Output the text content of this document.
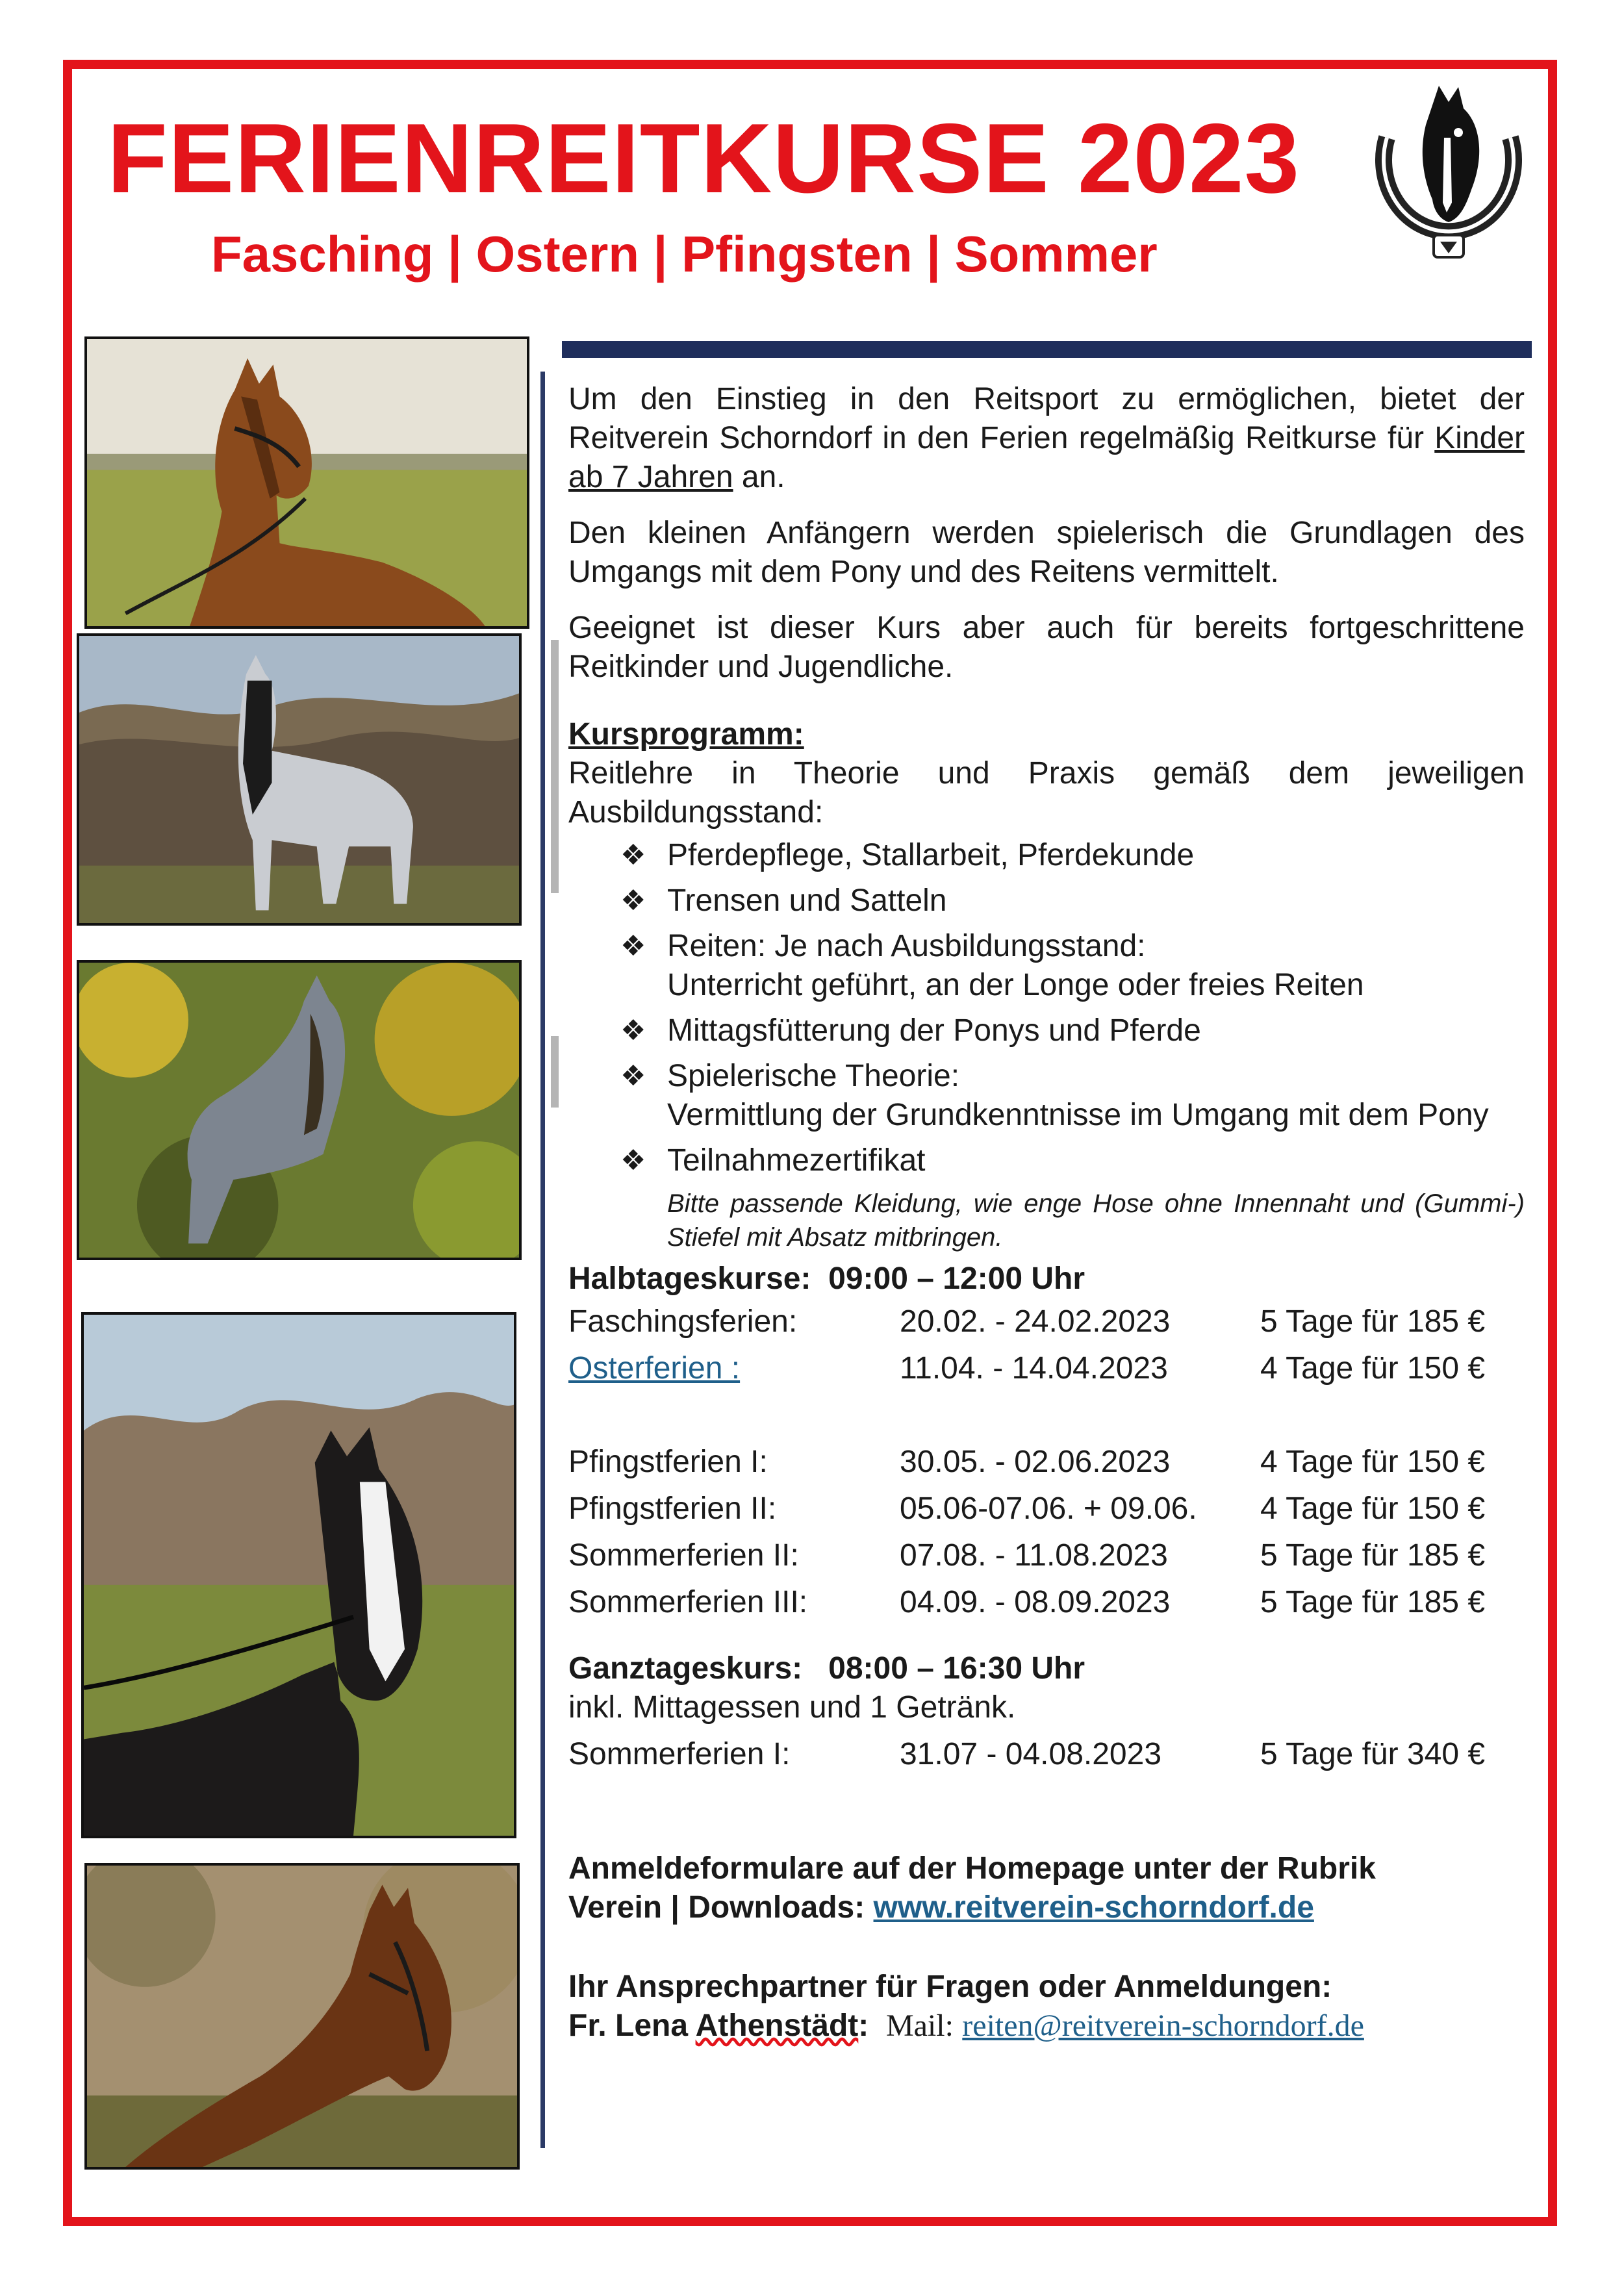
FERIENREITKURSE 2023
Fasching | Ostern | Pfingsten | Sommer

Um den Einstieg in den Reitsport zu ermöglichen, bietet der Reitverein Schorndorf in den Ferien regelmäßig Reitkurse für Kinder ab 7 Jahren an.

Den kleinen Anfängern werden spielerisch die Grundlagen des Umgangs mit dem Pony und des Reitens vermittelt.

Geeignet ist dieser Kurs aber auch für bereits fortgeschrittene Reitkinder und Jugendliche.

Kursprogramm:

Reitlehre in Theorie und Praxis gemäß dem jeweiligen Ausbildungsstand:

❖ Pferdepflege, Stallarbeit, Pferdekunde
❖ Trensen und Satteln
❖ Reiten: Je nach Ausbildungsstand:
Unterricht geführt, an der Longe oder freies Reiten
❖ Mittagsfütterung der Ponys und Pferde
❖ Spielerische Theorie:
Vermittlung der Grundkenntnisse im Umgang mit dem Pony
❖ Teilnahmezertifikat
Bitte passende Kleidung, wie enge Hose ohne Innennaht und (Gummi-) Stiefel mit Absatz mitbringen.
Halbtageskurse: 09:00 – 12:00 Uhr
Faschingsferien:	20.02. - 24.02.2023	5 Tage für 185 €
Osterferien :	11.04. - 14.04.2023	4 Tage für 150 €
Pfingstferien I:	30.05. - 02.06.2023	4 Tage für 150 €
Pfingstferien II:	05.06-07.06. + 09.06.	4 Tage für 150 €
Sommerferien II:	07.08. - 11.08.2023	5 Tage für 185 €
Sommerferien III:	04.09. - 08.09.2023	5 Tage für 185 €
Ganztageskurs: 08:00 – 16:30 Uhr
inkl. Mittagessen und 1 Getränk.
Sommerferien I:	31.07 - 04.08.2023	5 Tage für 340 €
Anmeldeformulare auf der Homepage unter der Rubrik
Verein | Downloads: www.reitverein-schorndorf.de
Ihr Ansprechpartner für Fragen oder Anmeldungen:
Fr. Lena Athenstädt: Mail: reiten@reitverein-schorndorf.de
